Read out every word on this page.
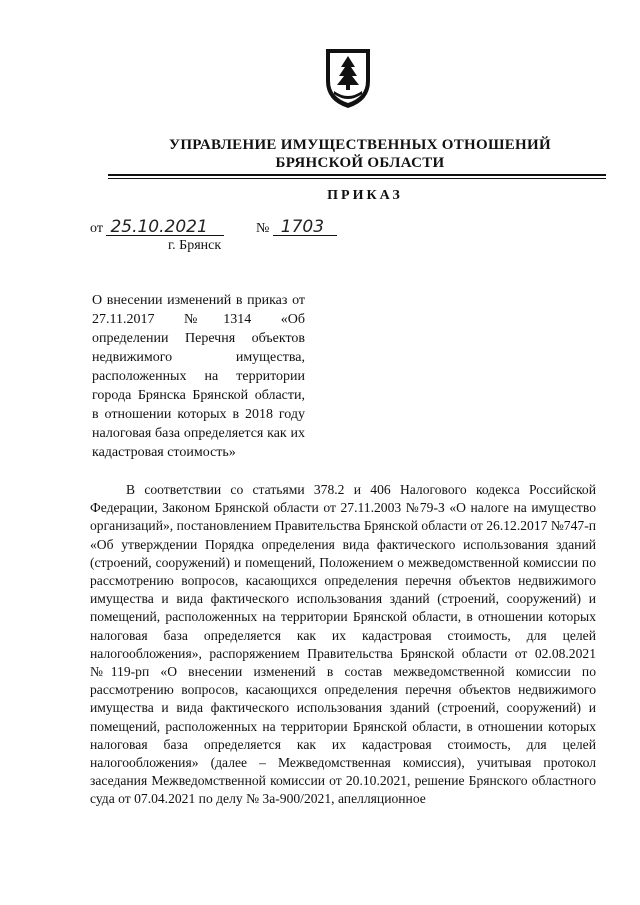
УПРАВЛЕНИЕ ИМУЩЕСТВЕННЫХ ОТНОШЕНИЙ
БРЯНСКОЙ ОБЛАСТИ
ПРИКАЗ
от 25.10.2021	№ 1703
г. Брянск
О внесении изменений в приказ от 27.11.2017 №1314 «Об определении Перечня объектов недвижимого имущества, расположенных на территории города Брянска Брянской области, в отношении которых в 2018 году налоговая база определяется как их кадастровая стоимость»
В соответствии со статьями 378.2 и 406 Налогового кодекса Российской Федерации, Законом Брянской области от 27.11.2003 №79-З «О налоге на имущество организаций», постановлением Правительства Брянской области от 26.12.2017 №747-п «Об утверждении Порядка определения вида фактического использования зданий (строений, сооружений) и помещений, Положением о межведомственной комиссии по рассмотрению вопросов, касающихся определения перечня объектов недвижимого имущества и вида фактического использования зданий (строений, сооружений) и помещений, расположенных на территории Брянской области, в отношении которых налоговая база определяется как их кадастровая стоимость, для целей налогообложения», распоряжением Правительства Брянской области от 02.08.2021 №119-рп «О внесении изменений в состав межведомственной комиссии по рассмотрению вопросов, касающихся определения перечня объектов недвижимого имущества и вида фактического использования зданий (строений, сооружений) и помещений, расположенных на территории Брянской области, в отношении которых налоговая база определяется как их кадастровая стоимость, для целей налогообложения» (далее – Межведомственная комиссия), учитывая протокол заседания Межведомственной комиссии от 20.10.2021, решение Брянского областного суда от 07.04.2021 по делу № 3а-900/2021, апелляционное
